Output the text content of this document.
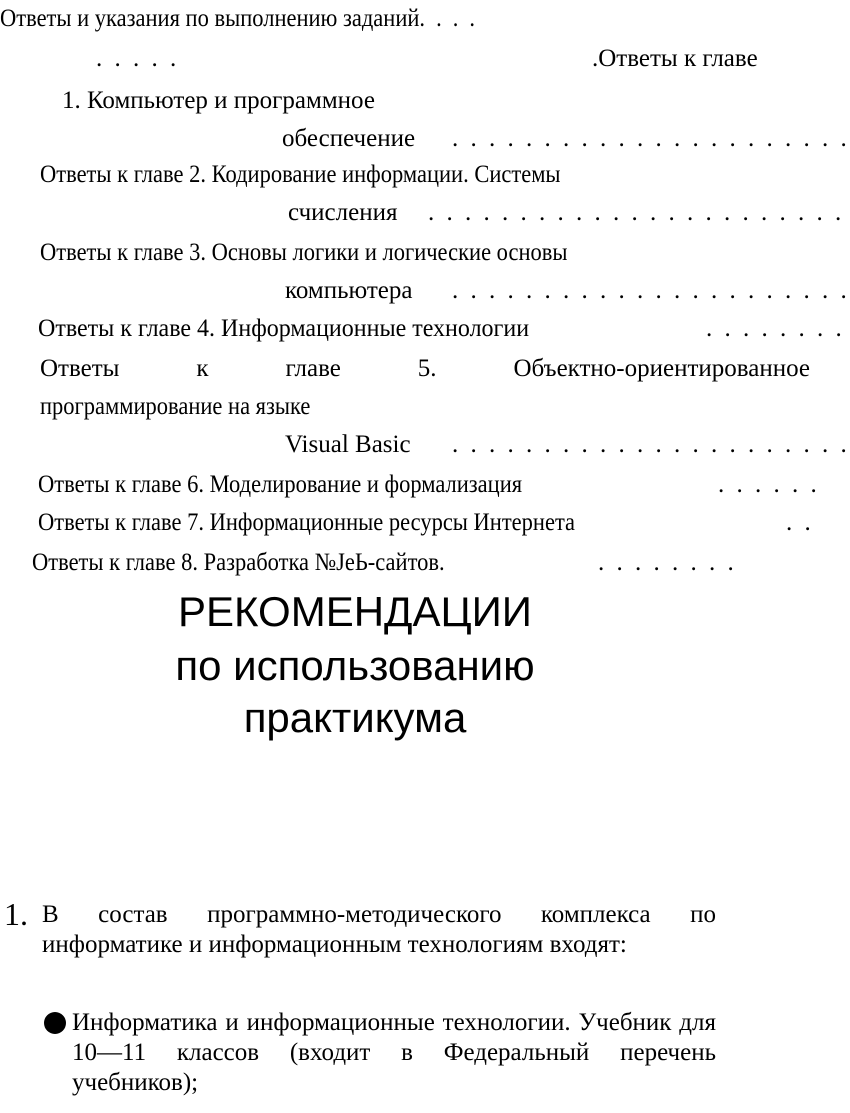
Ответы и указания по выполнению заданий. . . .
. . . . .	.Ответы к главе
1. Компьютер и программное
обеспечение . . . . . . . . . . . . . . . . . . . . . .
Ответы к главе 2. Кодирование информации. Системы
счисления . . . . . . . . . . . . . . . . . . . . . . .
Ответы к главе 3. Основы логики и логические основы
компьютера . . . . . . . . . . . . . . . . . . . . . .
Ответы к главе 4. Информационные технологии	. . . . . . . .
Ответы к главе 5. Объектно-ориентированное
программирование на языке
Visual Basic . . . . . . . . . . . . . . . . . . . . . .
Ответы к главе 6. Моделирование и формализация	. . . . . .
Ответы к главе 7. Информационные ресурсы Интернета	. .
Ответы к главе 8. Разработка №JeЬ-сайтов.	. . . . . . . .
РЕКОМЕНДАЦИИ
по использованию
практикума
1. В состав программно-методического комплекса по информатике и информационным технологиям входят:
Информатика и информационные технологии. Учебник для 10—11 классов (входит в Федеральный перечень учебников);
